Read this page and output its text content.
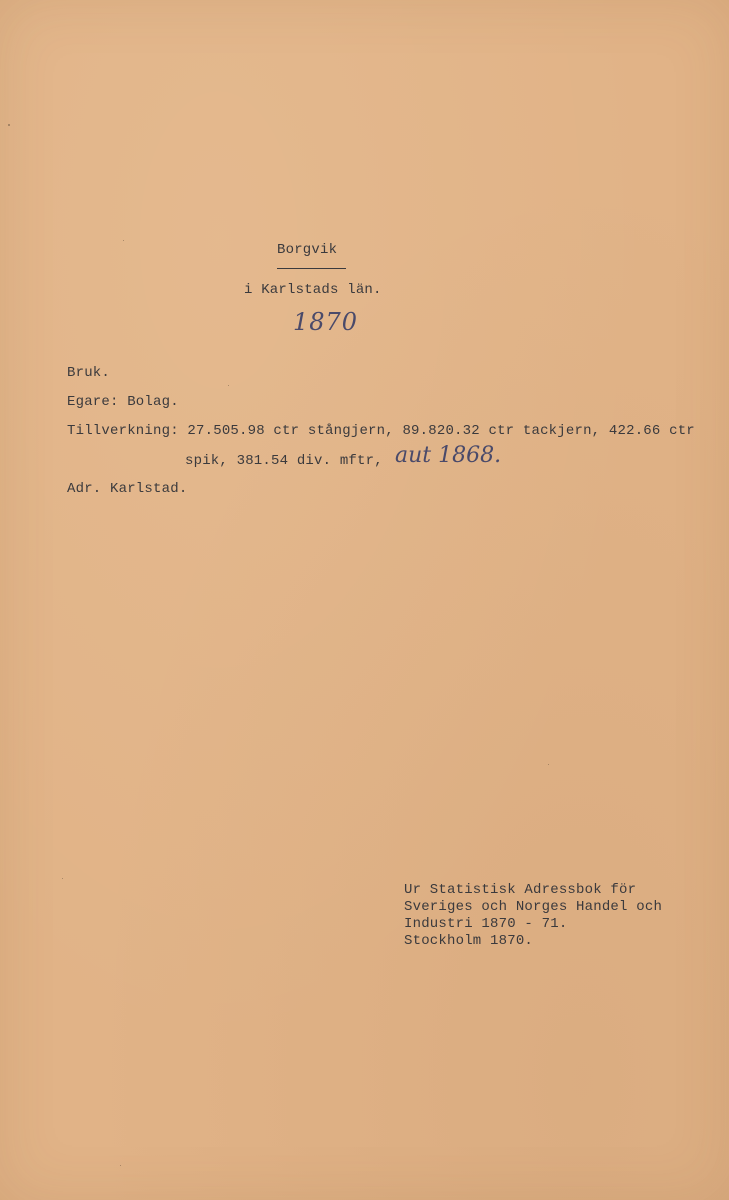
Borgvik
i Karlstads län.
1870
Bruk.
Egare: Bolag.
Tillverkning: 27.505.98 ctr stångjern, 89.820.32 ctr tackjern, 422.66 ctr
spik, 381.54 div. mftr, aut 1868.
Adr. Karlstad.
Ur Statistisk Adressbok för
Sveriges och Norges Handel och
Industri 1870 - 71.
Stockholm 1870.
